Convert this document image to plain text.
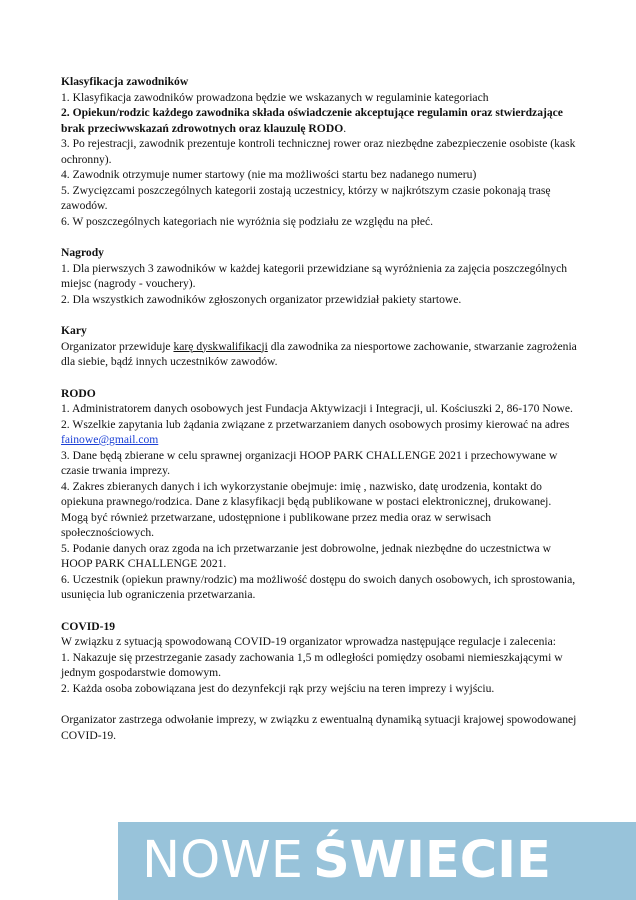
Klasyfikacja zawodników

1. Klasyfikacja zawodników prowadzona będzie we wskazanych w regulaminie kategoriach

2. Opiekun/rodzic każdego zawodnika składa oświadczenie akceptujące regulamin oraz stwierdzające brak przeciwwskazań zdrowotnych oraz klauzulę RODO.

3. Po rejestracji, zawodnik prezentuje kontroli technicznej rower oraz niezbędne zabezpieczenie osobiste (kask ochronny).

4. Zawodnik otrzymuje numer startowy (nie ma możliwości startu bez nadanego numeru)

5. Zwycięzcami poszczególnych kategorii zostają uczestnicy, którzy w najkrótszym czasie pokonają trasę zawodów.

6. W poszczególnych kategoriach nie wyróżnia się podziału ze względu na płeć.

Nagrody

1. Dla pierwszych 3 zawodników w każdej kategorii przewidziane są wyróżnienia za zajęcia poszczególnych miejsc (nagrody - vouchery).

2. Dla wszystkich zawodników zgłoszonych organizator przewidział pakiety startowe.

Kary

Organizator przewiduje karę dyskwalifikacji dla zawodnika za niesportowe zachowanie, stwarzanie zagrożenia dla siebie, bądź innych uczestników zawodów.

RODO

1. Administratorem danych osobowych jest Fundacja Aktywizacji i Integracji, ul. Kościuszki 2, 86-170 Nowe.

2. Wszelkie zapytania lub żądania związane z przetwarzaniem danych osobowych prosimy kierować na adres fainowe@gmail.com

3. Dane będą zbierane w celu sprawnej organizacji HOOP PARK CHALLENGE 2021 i przechowywane w czasie trwania imprezy.

4. Zakres zbieranych danych i ich wykorzystanie obejmuje: imię , nazwisko, datę urodzenia, kontakt do opiekuna prawnego/rodzica. Dane z klasyfikacji będą publikowane w postaci elektronicznej, drukowanej. Mogą być również przetwarzane, udostępnione i publikowane przez media oraz w serwisach społecznościowych.

5. Podanie danych oraz zgoda na ich przetwarzanie jest dobrowolne, jednak niezbędne do uczestnictwa w HOOP PARK CHALLENGE 2021.

6. Uczestnik (opiekun prawny/rodzic) ma możliwość dostępu do swoich danych osobowych, ich sprostowania, usunięcia lub ograniczenia przetwarzania.

COVID-19

W związku z sytuacją spowodowaną COVID-19 organizator wprowadza następujące regulacje i zalecenia:

1. Nakazuje się przestrzeganie zasady zachowania 1,5 m odległości pomiędzy osobami niemieszkającymi w jednym gospodarstwie domowym.

2. Każda osoba zobowiązana jest do dezynfekcji rąk przy wejściu na teren imprezy i wyjściu.

Organizator zastrzega odwołanie imprezy, w związku z ewentualną dynamiką sytuacji krajowej spowodowanej COVID-19.

NOWE ŚWIECIE
